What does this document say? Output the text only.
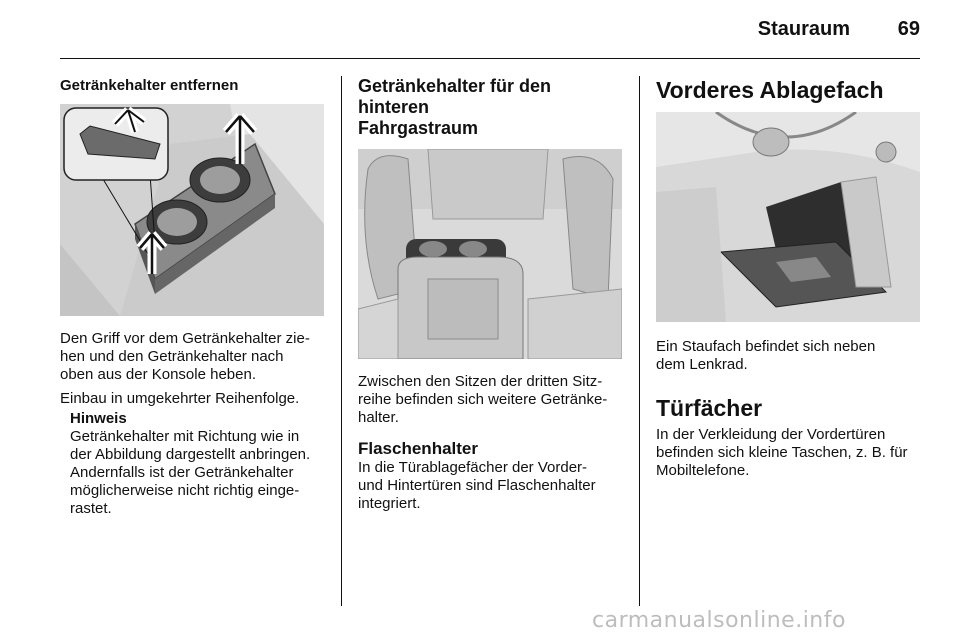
Stauraum	69
Getränkehalter entfernen

Den Griff vor dem Getränkehalter zie-
hen und den Getränkehalter nach
oben aus der Konsole heben.

Einbau in umgekehrter Reihenfolge.

Hinweis

Getränkehalter mit Richtung wie in
der Abbildung dargestellt anbringen.
Andernfalls ist der Getränkehalter
möglicherweise nicht richtig einge-
rastet.

Getränkehalter für den hinteren
Fahrgastraum

Zwischen den Sitzen der dritten Sitz-
reihe befinden sich weitere Getränke-
halter.

Flaschenhalter

In die Türablagefächer der Vorder-
und Hintertüren sind Flaschenhalter
integriert.

Vorderes Ablagefach

Ein Staufach befindet sich neben
dem Lenkrad.

Türfächer

In der Verkleidung der Vordertüren
befinden sich kleine Taschen, z. B. für
Mobiltelefone.

carmanualsonline.info
